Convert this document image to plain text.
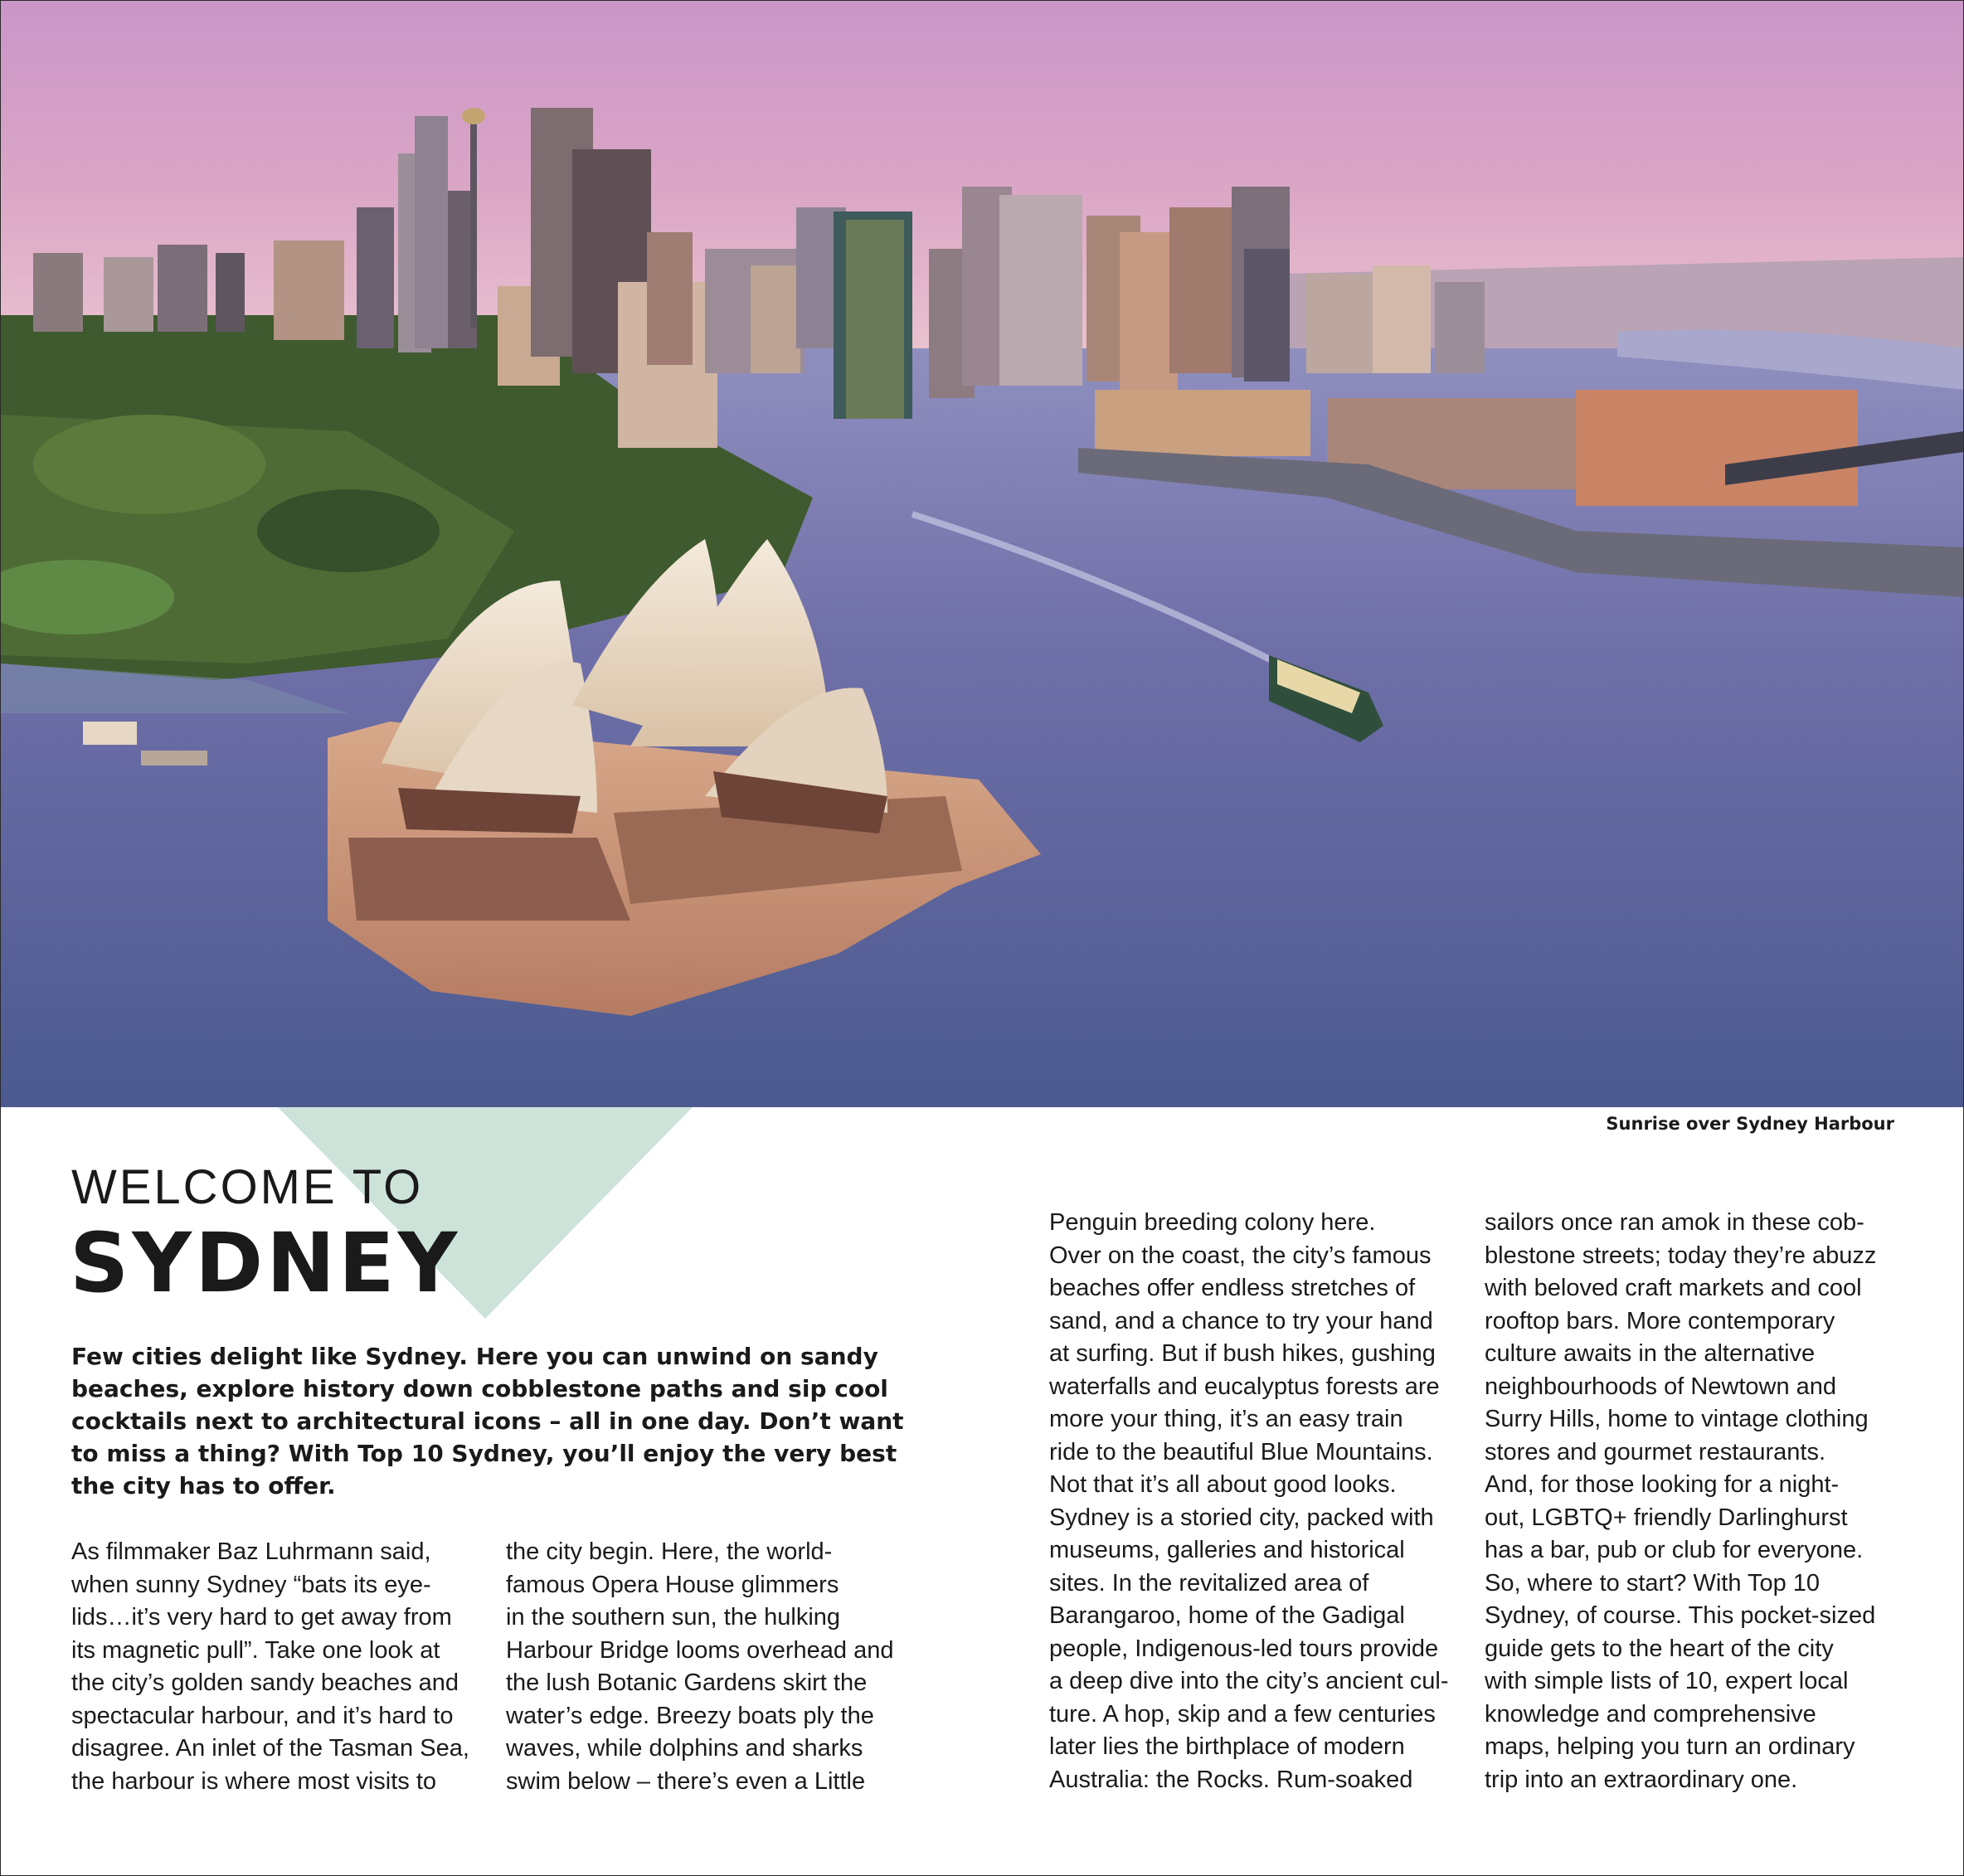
Sunrise over Sydney Harbour
WELCOME TO
SYDNEY
Few cities delight like Sydney. Here you can unwind on sandy beaches, explore history down cobblestone paths and sip cool cocktails next to architectural icons – all in one day. Don’t want to miss a thing? With Top 10 Sydney, you’ll enjoy the very best the city has to offer.
As filmmaker Baz Luhrmann said,
when sunny Sydney “bats its eye-
lids…it’s very hard to get away from
its magnetic pull”. Take one look at
the city’s golden sandy beaches and
spectacular harbour, and it’s hard to
disagree. An inlet of the Tasman Sea,
the harbour is where most visits to
the city begin. Here, the world-
famous Opera House glimmers
in the southern sun, the hulking
Harbour Bridge looms overhead and
the lush Botanic Gardens skirt the
water’s edge. Breezy boats ply the
waves, while dolphins and sharks
swim below – there’s even a Little
Penguin breeding colony here.
Over on the coast, the city’s famous
beaches offer endless stretches of
sand, and a chance to try your hand
at surfing. But if bush hikes, gushing
waterfalls and eucalyptus forests are
more your thing, it’s an easy train
ride to the beautiful Blue Mountains.
Not that it’s all about good looks.
Sydney is a storied city, packed with
museums, galleries and historical
sites. In the revitalized area of
Barangaroo, home of the Gadigal
people, Indigenous-led tours provide
a deep dive into the city’s ancient cul-
ture. A hop, skip and a few centuries
later lies the birthplace of modern
Australia: the Rocks. Rum-soaked
sailors once ran amok in these cob-
blestone streets; today they’re abuzz
with beloved craft markets and cool
rooftop bars. More contemporary
culture awaits in the alternative
neighbourhoods of Newtown and
Surry Hills, home to vintage clothing
stores and gourmet restaurants.
And, for those looking for a night-
out, LGBTQ+ friendly Darlinghurst
has a bar, pub or club for everyone.
So, where to start? With Top 10
Sydney, of course. This pocket-sized
guide gets to the heart of the city
with simple lists of 10, expert local
knowledge and comprehensive
maps, helping you turn an ordinary
trip into an extraordinary one.
